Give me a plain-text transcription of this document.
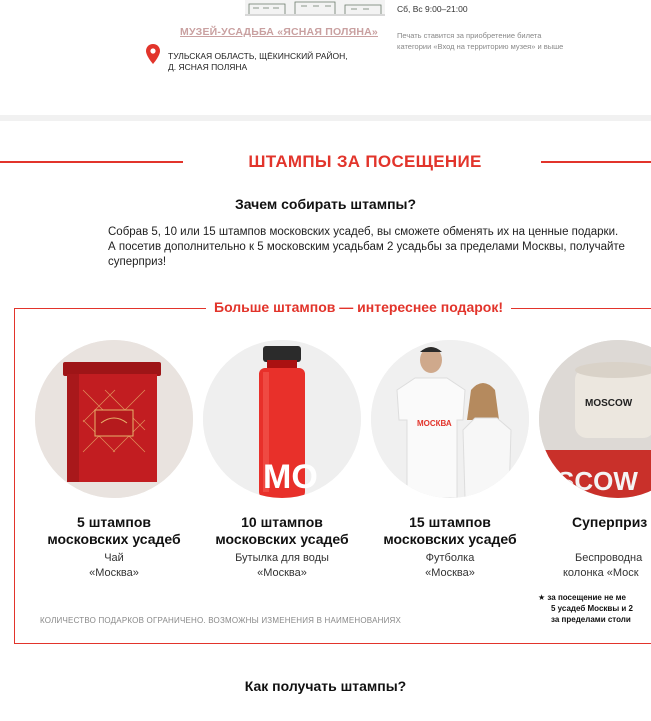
МУЗЕЙ-УСАДЬБА «ЯСНАЯ ПОЛЯНА»
ТУЛЬСКАЯ ОБЛАСТЬ, ЩЁКИНСКИЙ РАЙОН,
Д. ЯСНАЯ ПОЛЯНА
Сб, Вс 9:00–21:00
Печать ставится за приобретение билета
категории «Вход на территорию музея» и выше
ШТАМПЫ ЗА ПОСЕЩЕНИЕ
Зачем собирать штампы?
Собрав 5, 10 или 15 штампов московских усадеб, вы сможете обменять их на ценные подарки. А посетив дополнительно к 5 московским усадьбам 2 усадьбы за пределами Москвы, получайте суперприз!
Больше штампов — интереснее подарок!
MO
МОСКВА
SCOW
MOSCOW
5 штампов
московских усадеб
Чай
«Москва»
10 штампов
московских усадеб
Бутылка для воды
«Москва»
15 штампов
московских усадеб
Футболка
«Москва»
Суперприз
Беспроводна
колонка «Моск
★ за посещение не ме
5 усадеб Москвы и 2
за пределами столи
КОЛИЧЕСТВО ПОДАРКОВ ОГРАНИЧЕНО. ВОЗМОЖНЫ ИЗМЕНЕНИЯ В НАИМЕНОВАНИЯХ
Как получать штампы?
